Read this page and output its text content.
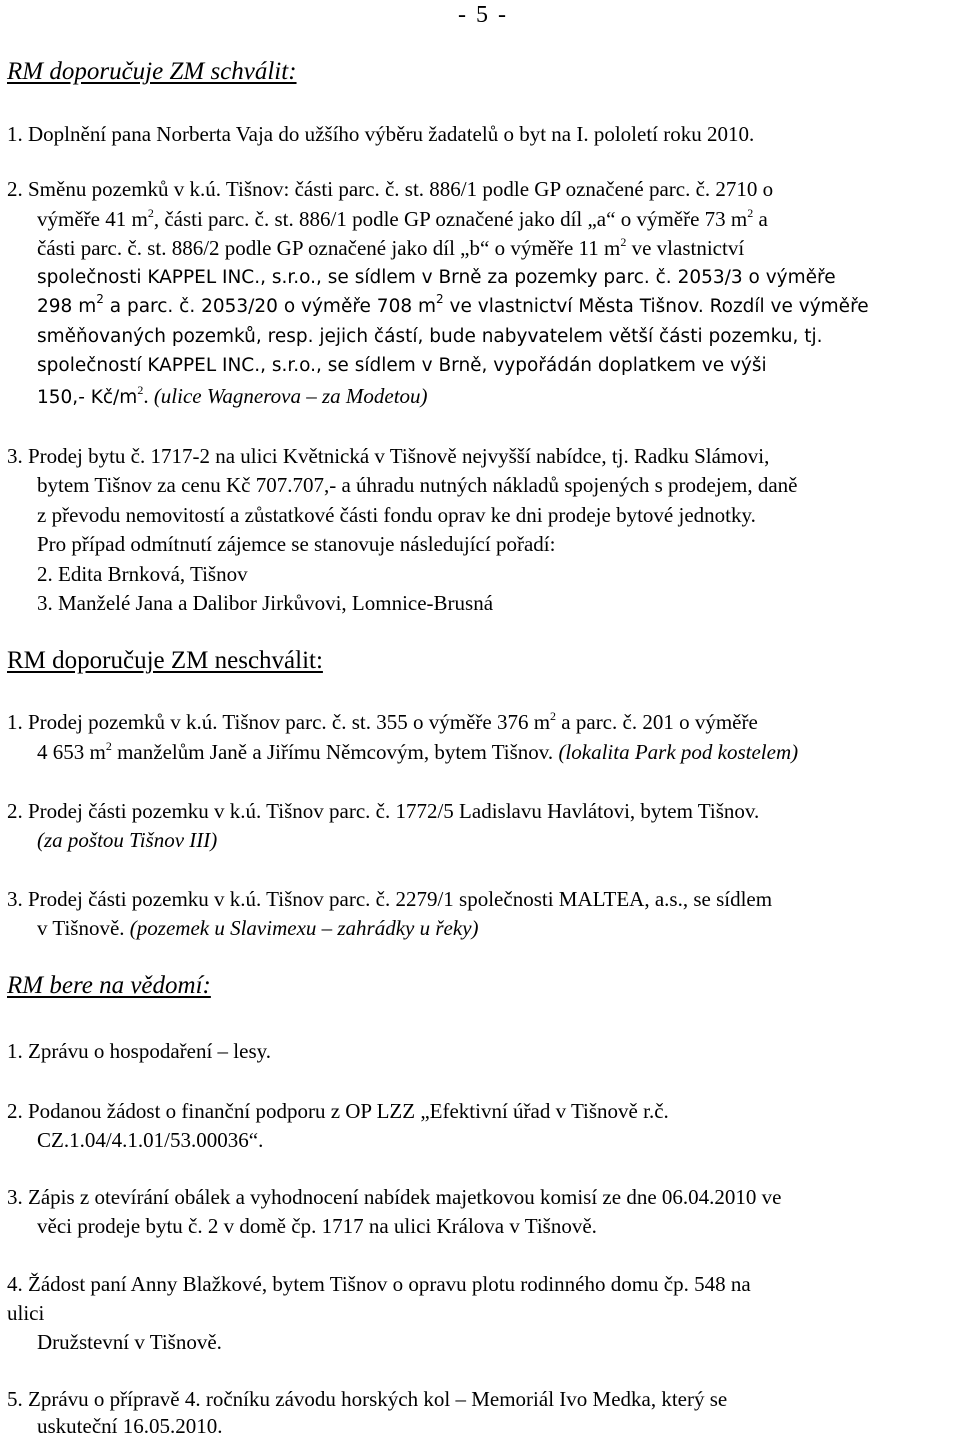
- 5 -
RM doporučuje ZM schválit:
1. Doplnění pana Norberta Vaja do užšího výběru žadatelů o byt na I. pololetí roku 2010.
2. Směnu pozemků v k.ú. Tišnov: části parc. č. st. 886/1 podle GP označené parc. č. 2710 o
výměře 41 $m^2$, části parc. č. st. 886/1 podle GP označené jako díl „a“ o výměře 73 $m^2$ a
části parc. č. st. 886/2 podle GP označené jako díl „b“ o výměře 11 $m^2$ ve vlastnictví
společnosti KAPPEL INC., s.r.o., se sídlem v Brně za pozemky parc. č. 2053/3 o výměře
298 $m^2$ a parc. č. 2053/20 o výměře 708 $m^2$ ve vlastnictví Města Tišnov. Rozdíl ve výměře
směňovaných pozemků, resp. jejich částí, bude nabyvatelem větší části pozemku, tj.
společností KAPPEL INC., s.r.o., se sídlem v Brně, vypořádán doplatkem ve výši
150,- $Kč/m^2$. (ulice Wagnerova – za Modetou)
3. Prodej bytu č. 1717-2 na ulici Květnická v Tišnově nejvyšší nabídce, tj. Radku Slámovi,
bytem Tišnov za cenu Kč 707.707,- a úhradu nutných nákladů spojených s prodejem, daně
z převodu nemovitostí a zůstatkové části fondu oprav ke dni prodeje bytové jednotky.
Pro případ odmítnutí zájemce se stanovuje následující pořadí:
2. Edita Brnková, Tišnov
3. Manželé Jana a Dalibor Jirkůvovi, Lomnice-Brusná
RM doporučuje ZM neschválit:
1. Prodej pozemků v k.ú. Tišnov parc. č. st. 355 o výměře 376 $m^2$ a parc. č. 201 o výměře
4 653 $m^2$ manželům Janě a Jiřímu Němcovým, bytem Tišnov. (lokalita Park pod kostelem)
2. Prodej části pozemku v k.ú. Tišnov parc. č. 1772/5 Ladislavu Havlátovi, bytem Tišnov.
(za poštou Tišnov III)
3. Prodej části pozemku v k.ú. Tišnov parc. č. 2279/1 společnosti MALTEA, a.s., se sídlem
v Tišnově. (pozemek u Slavimexu – zahrádky u řeky)
RM bere na vědomí:
1. Zprávu o hospodaření – lesy.
2. Podanou žádost o finanční podporu z OP LZZ „Efektivní úřad v Tišnově r.č.
CZ.1.04/4.1.01/53.00036“.
3. Zápis z otevírání obálek a vyhodnocení nabídek majetkovou komisí ze dne 06.04.2010 ve
věci prodeje bytu č. 2 v domě čp. 1717 na ulici Králova v Tišnově.
4. Žádost paní Anny Blažkové, bytem Tišnov o opravu plotu rodinného domu čp. 548 na
ulici
Družstevní v Tišnově.
5. Zprávu o přípravě 4. ročníku závodu horských kol – Memoriál Ivo Medka, který se
uskuteční 16.05.2010.
